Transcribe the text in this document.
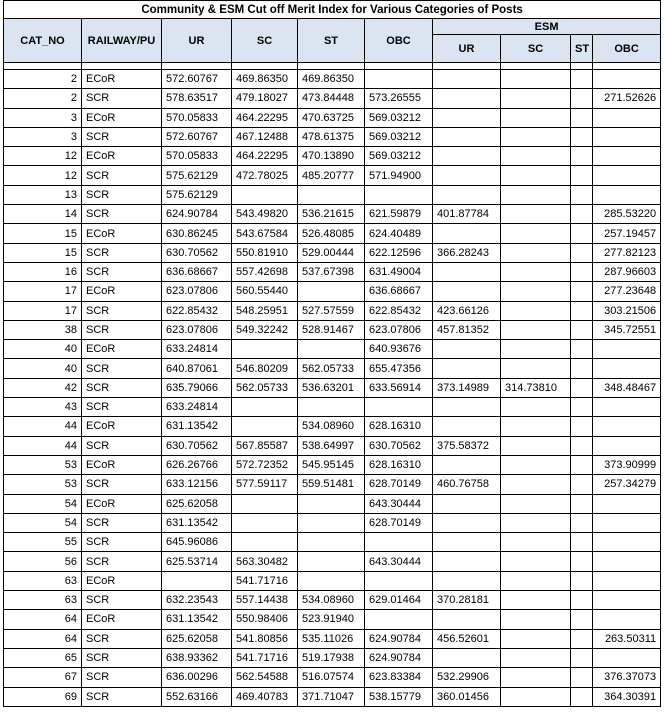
Community & ESM Cut off Merit Index for Various Categories of Posts									
CAT_NO	RAILWAY/PU	UR	SC	ST	OBC	ESM			
						UR	SC	ST	OBC

2	ECoR	572.60767	469.86350	469.86350					
2	SCR	578.63517	479.18027	473.84448	573.26555				271.52626
3	ECoR	570.05833	464.22295	470.63725	569.03212				
3	SCR	572.60767	467.12488	478.61375	569.03212				
12	ECoR	570.05833	464.22295	470.13890	569.03212				
12	SCR	575.62129	472.78025	485.20777	571.94900				
13	SCR	575.62129							
14	SCR	624.90784	543.49820	536.21615	621.59879	401.87784			285.53220
15	ECoR	630.86245	543.67584	526.48085	624.40489				257.19457
15	SCR	630.70562	550.81910	529.00444	622.12596	366.28243			277.82123
16	SCR	636.68667	557.42698	537.67398	631.49004				287.96603
17	ECoR	623.07806	560.55440		636.68667				277.23648
17	SCR	622.85432	548.25951	527.57559	622.85432	423.66126			303.21506
38	SCR	623.07806	549.32242	528.91467	623.07806	457.81352			345.72551
40	ECoR	633.24814			640.93676				
40	SCR	640.87061	546.80209	562.05733	655.47356				
42	SCR	635.79066	562.05733	536.63201	633.56914	373.14989	314.73810		348.48467
43	SCR	633.24814							
44	ECoR	631.13542		534.08960	628.16310				
44	SCR	630.70562	567.85587	538.64997	630.70562	375.58372			
53	ECoR	626.26766	572.72352	545.95145	628.16310				373.90999
53	SCR	633.12156	577.59117	559.51481	628.70149	460.76758			257.34279
54	ECoR	625.62058			643.30444				
54	SCR	631.13542			628.70149				
55	SCR	645.96086							
56	SCR	625.53714	563.30482		643.30444				
63	ECoR		541.71716						
63	SCR	632.23543	557.14438	534.08960	629.01464	370.28181			
64	ECoR	631.13542	550.98406	523.91940					
64	SCR	625.62058	541.80856	535.11026	624.90784	456.52601			263.50311
65	SCR	638.93362	541.71716	519.17938	624.90784				
67	SCR	636.00296	562.54588	516.07574	623.83384	532.29906			376.37073
69	SCR	552.63166	469.40783	371.71047	538.15779	360.01456			364.30391
